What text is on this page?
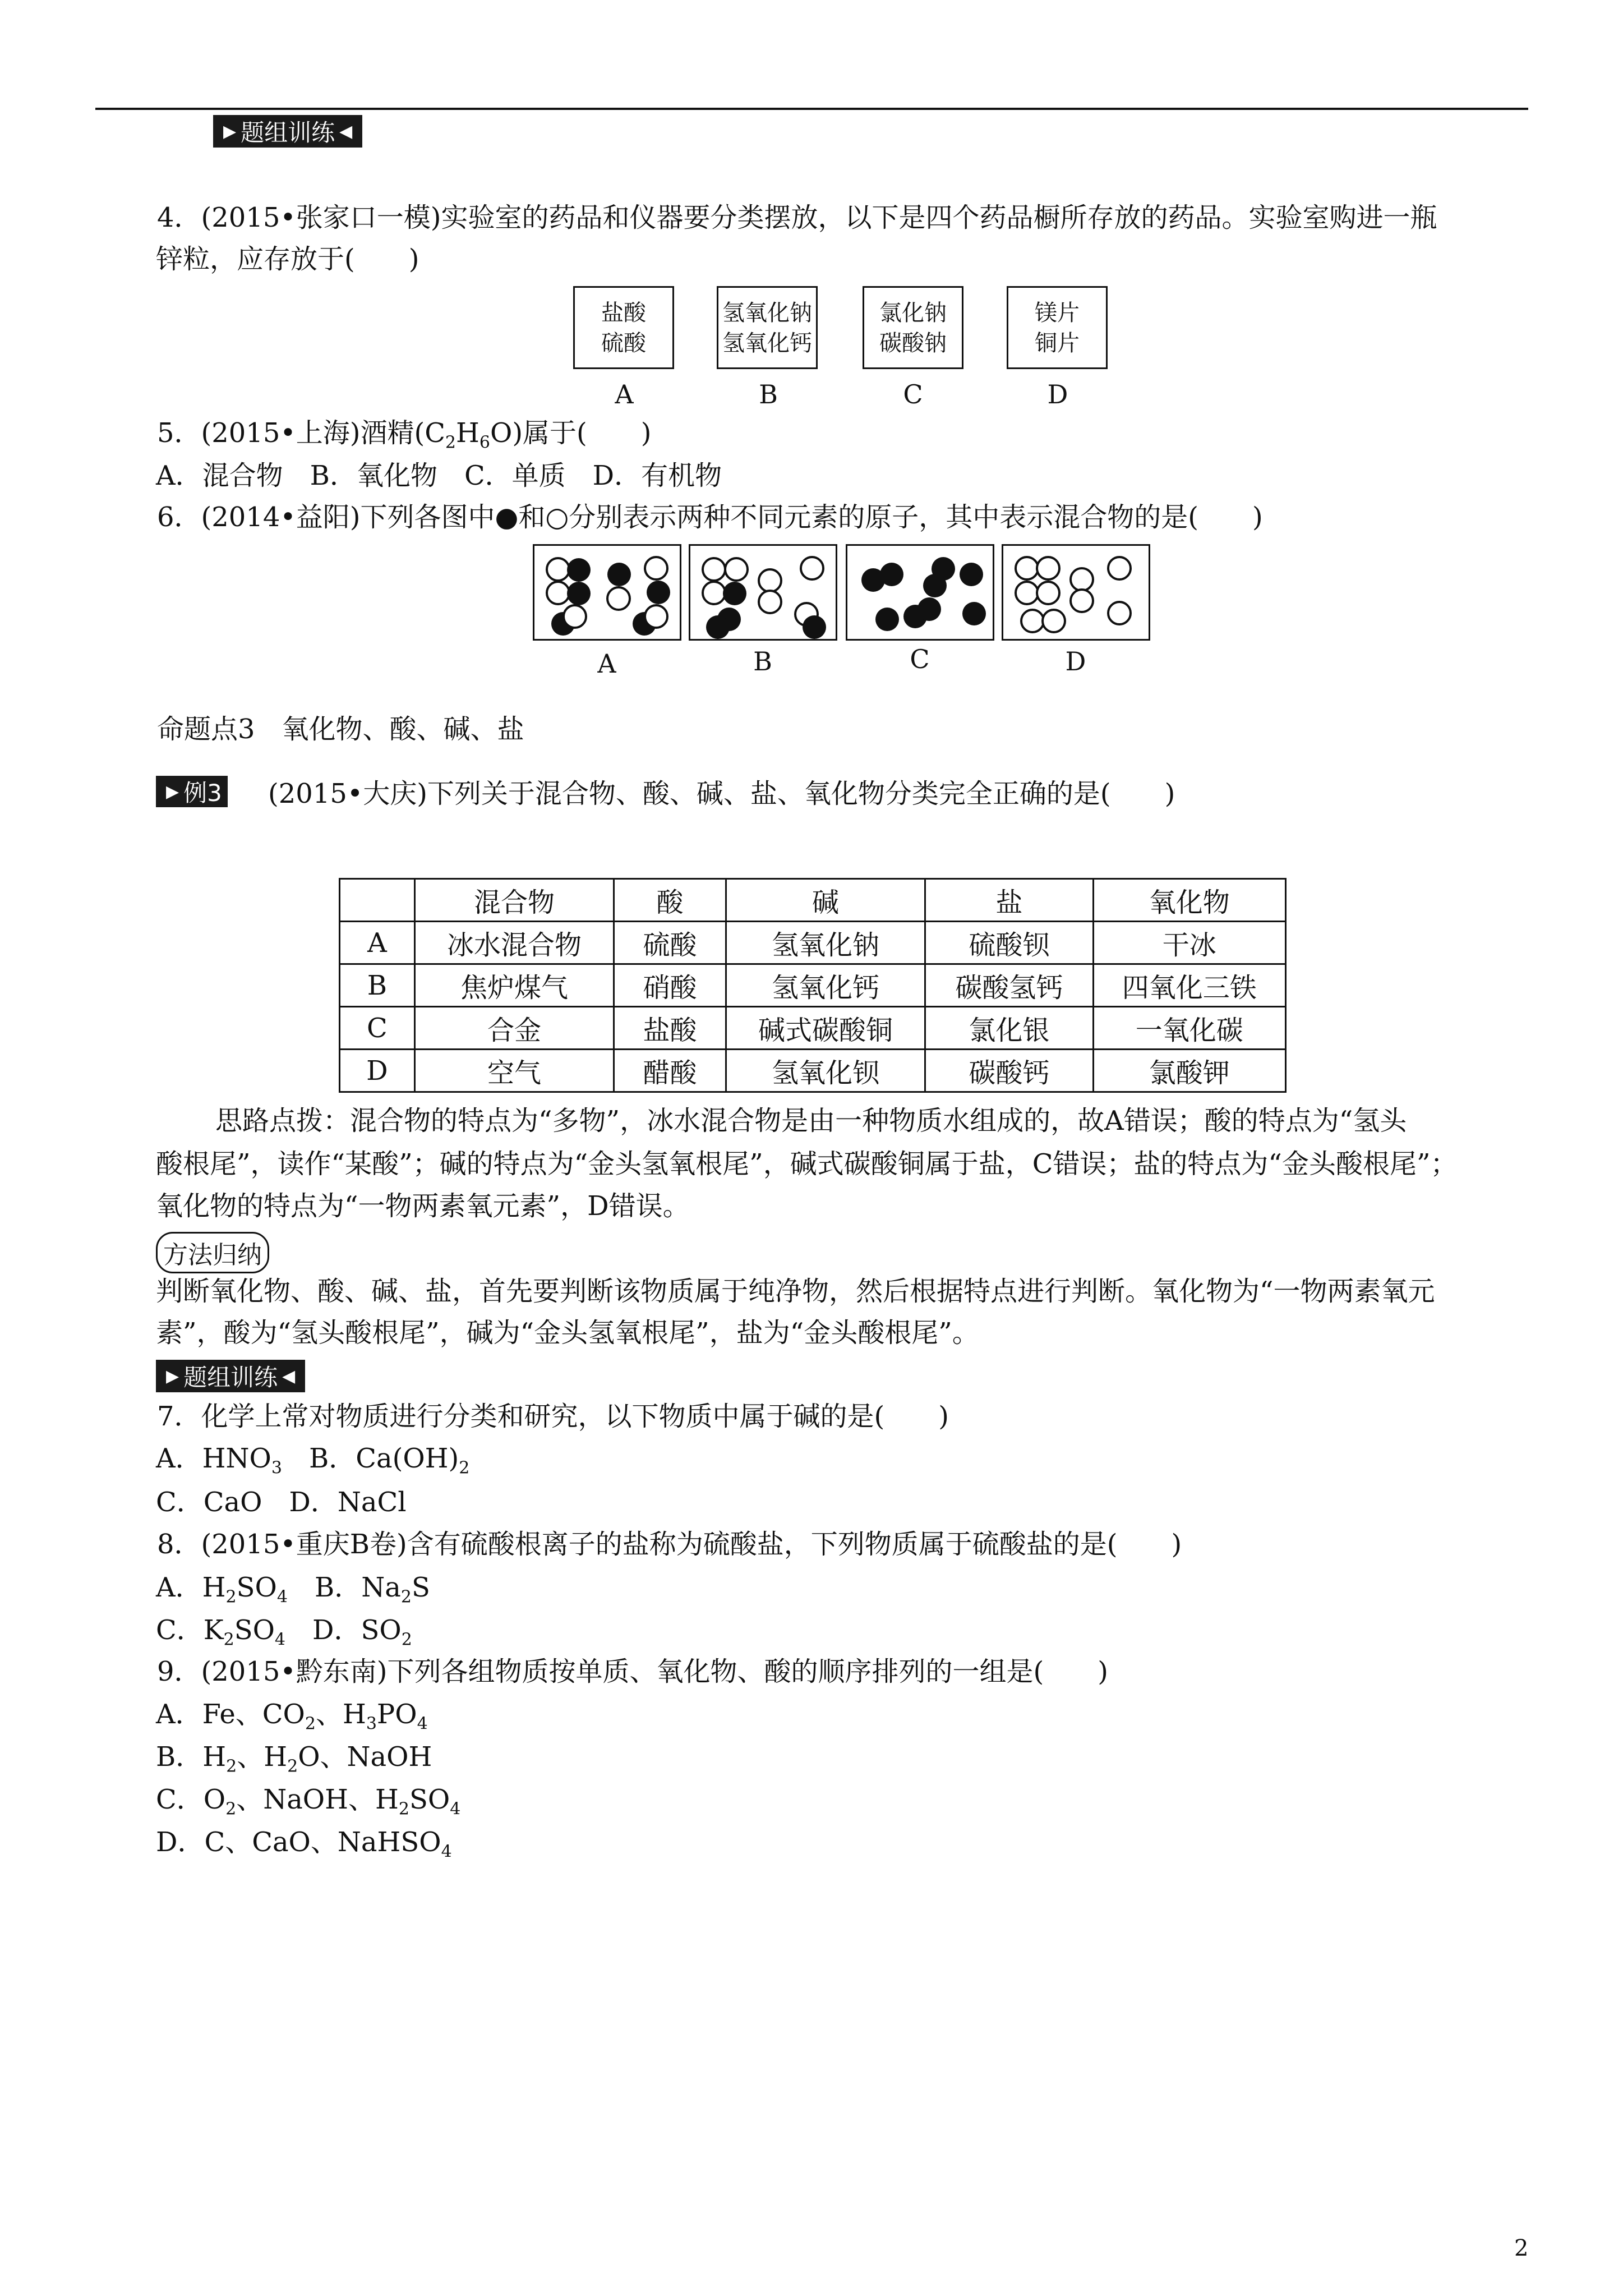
▶ 题组训练 ◀
4．(2015•张家口一模)实验室的药品和仪器要分类摆放，以下是四个药品橱所存放的药品。实验室购进一瓶
锌粒，应存放于(　　)
盐酸
硫酸
氢氧化钠
氢氧化钙
氯化钠
碳酸钠
镁片
铜片
A	B	C	D
5．(2015•上海)酒精$(C_2H_6O)$属于(　　)
A．混合物　B．氧化物　C．单质　D．有机物
6．(2014•益阳)下列各图中●和○分别表示两种不同元素的原子，其中表示混合物的是(　　)
A	B	C	D
命题点3　氧化物、酸、碱、盐
▶ 例3 (2015•大庆)下列关于混合物、酸、碱、盐、氧化物分类完全正确的是(　　)
	混合物	酸	碱	盐	氧化物
A	冰水混合物	硫酸	氢氧化钠	硫酸钡	干冰
B	焦炉煤气	硝酸	氢氧化钙	碳酸氢钙	四氧化三铁
C	合金	盐酸	碱式碳酸铜	氯化银	一氧化碳
D	空气	醋酸	氢氧化钡	碳酸钙	氯酸钾
思路点拨：混合物的特点为“多物”，冰水混合物是由一种物质水组成的，故A错误；酸的特点为“氢头
酸根尾”，读作“某酸”；碱的特点为“金头氢氧根尾”，碱式碳酸铜属于盐，C错误；盐的特点为“金头酸根尾”；
氧化物的特点为“一物两素氧元素”，D错误。
方法归纳
判断氧化物、酸、碱、盐，首先要判断该物质属于纯净物，然后根据特点进行判断。氧化物为“一物两素氧元
素”，酸为“氢头酸根尾”，碱为“金头氢氧根尾”，盐为“金头酸根尾”。
▶ 题组训练 ◀
7．化学上常对物质进行分类和研究，以下物质中属于碱的是(　　)
A．$HNO_3$　B．$Ca(OH)_2$
C．CaO　D．NaCl
8．(2015•重庆B卷)含有硫酸根离子的盐称为硫酸盐，下列物质属于硫酸盐的是(　　)
A．$H_2SO_4$　B．$Na_2S$
C．$K_2SO_4$　D．$SO_2$
9．(2015•黔东南)下列各组物质按单质、氧化物、酸的顺序排列的一组是(　　)
A．Fe、$CO_2$、$H_3PO_4$
B．$H_2$、$H_2O$、NaOH
C．$O_2$、NaOH、$H_2SO_4$
D．C、CaO、NaHSO$_4$
2
